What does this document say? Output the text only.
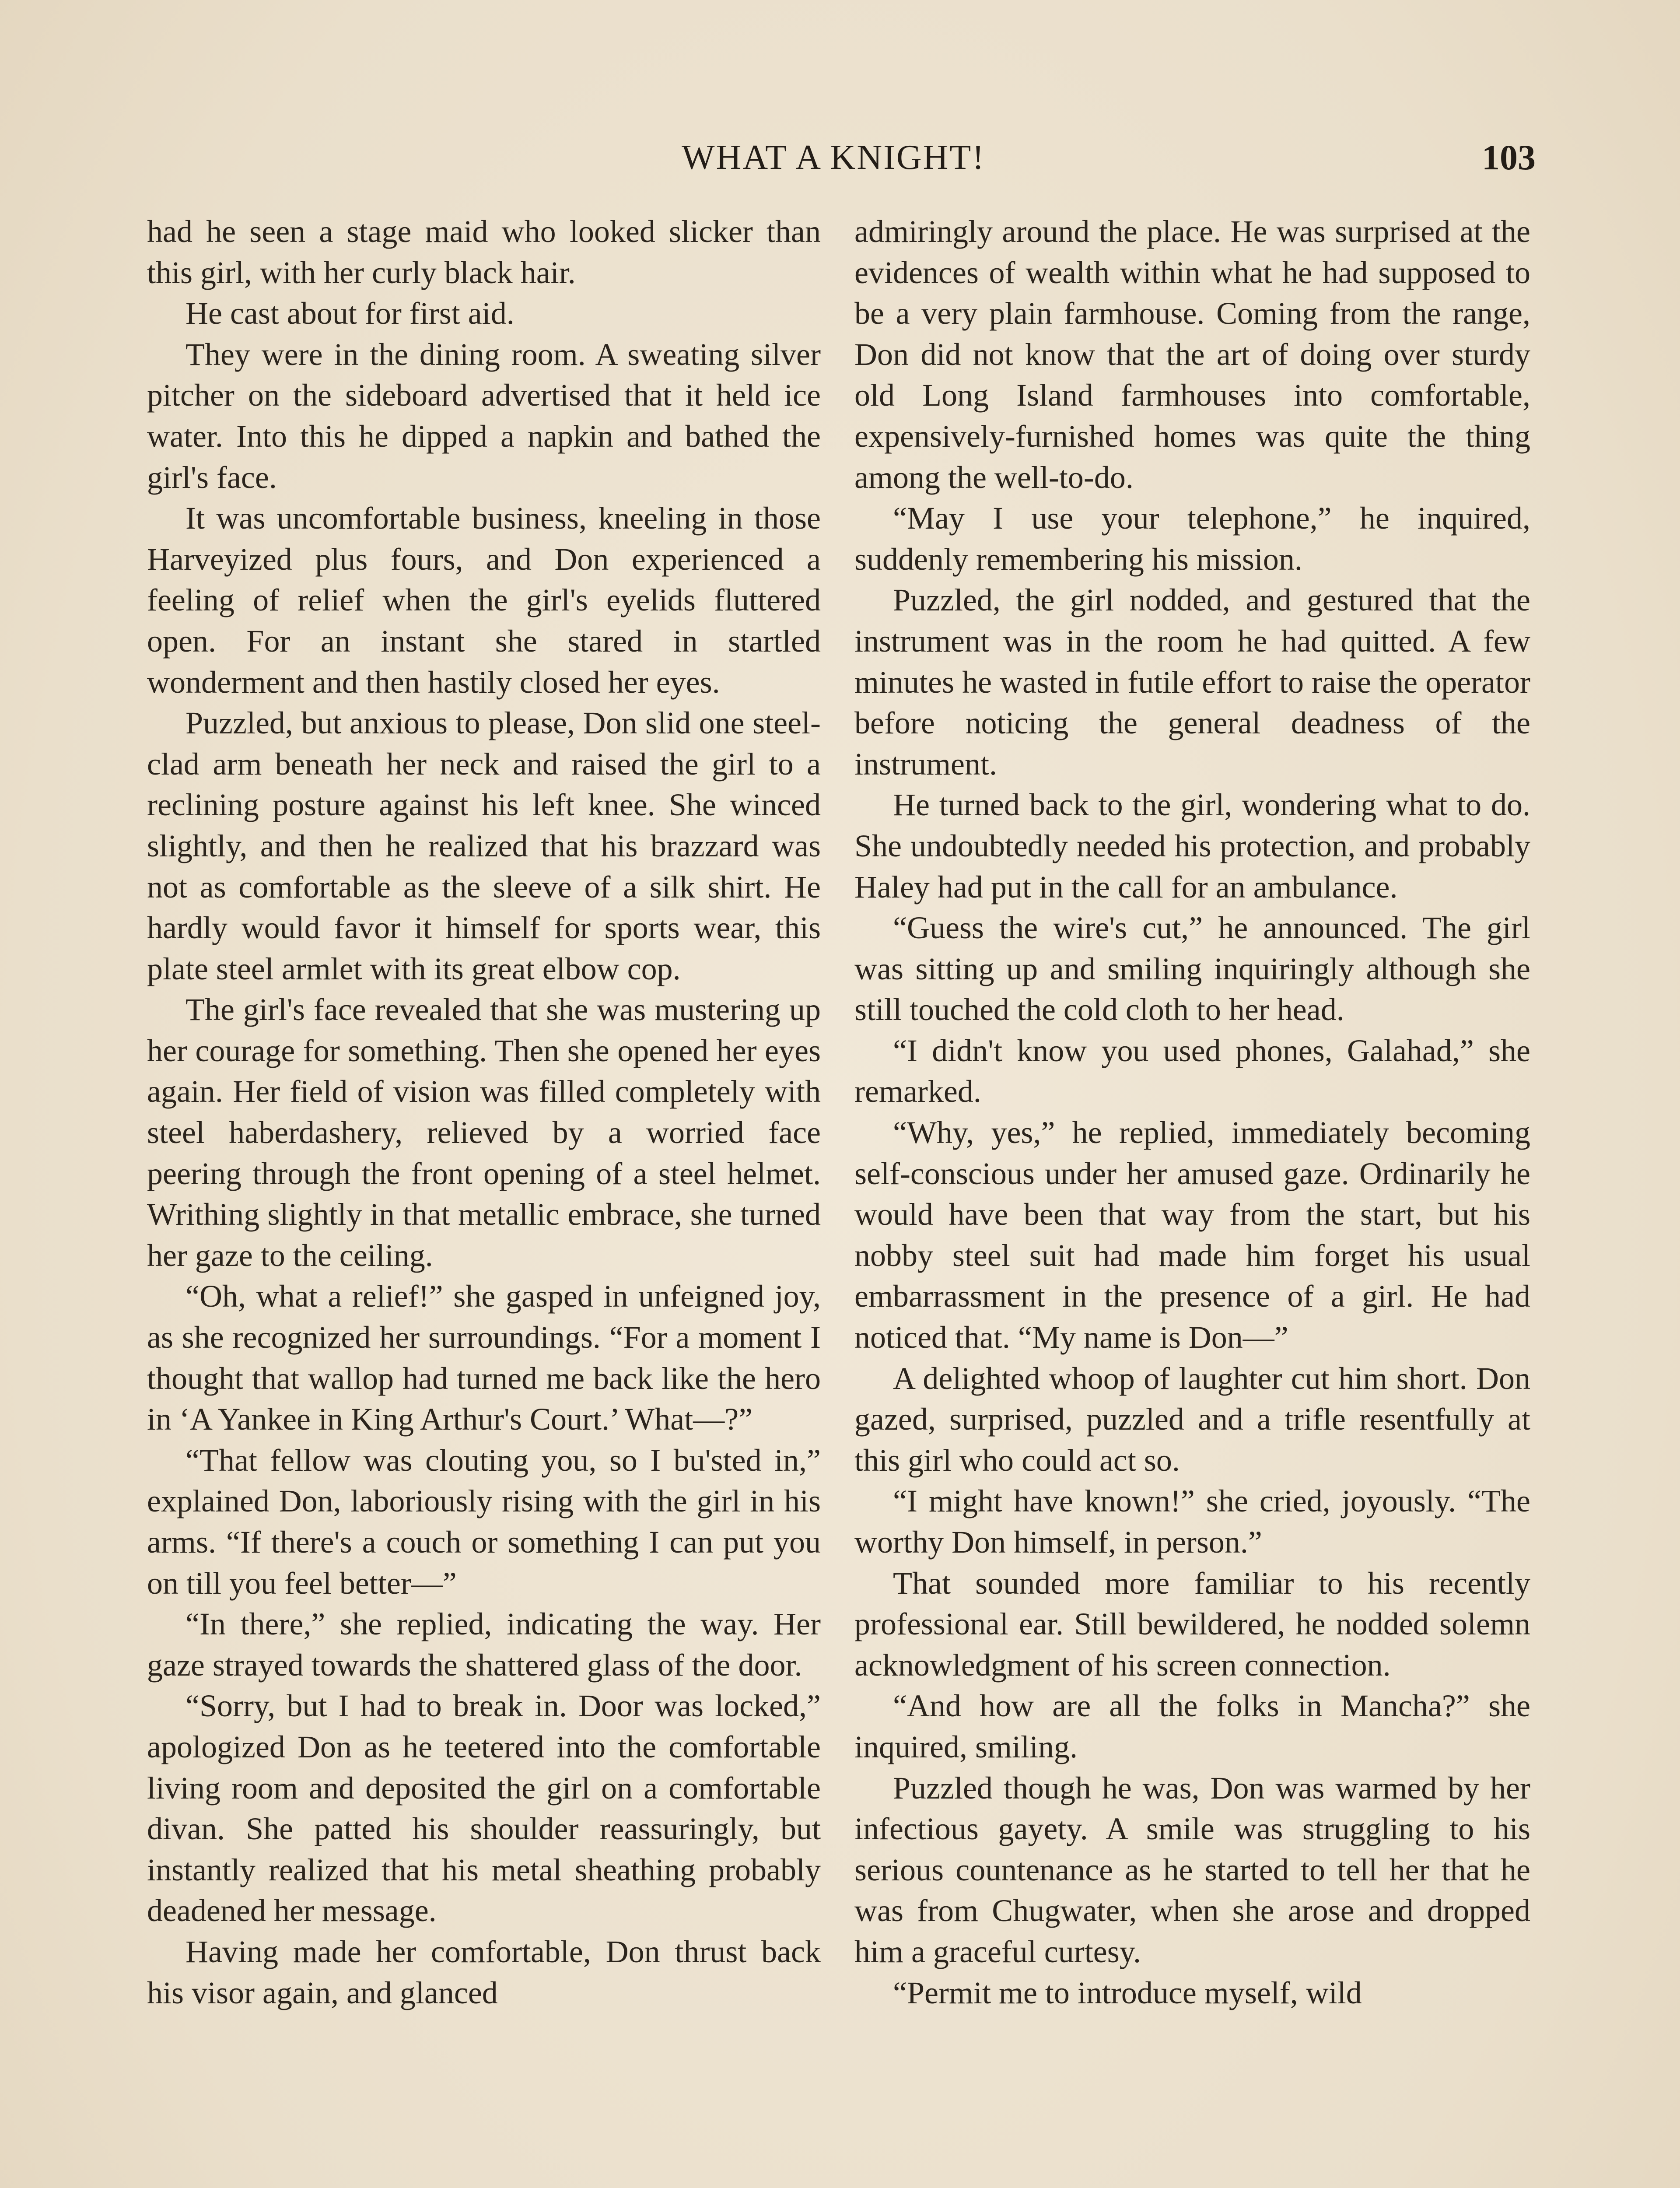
WHAT A KNIGHT!	103

had he seen a stage maid who looked slicker than this girl, with her curly black hair.

He cast about for first aid.

They were in the dining room. A sweating silver pitcher on the sideboard advertised that it held ice water. Into this he dipped a napkin and bathed the girl's face.

It was uncomfortable business, kneeling in those Harveyized plus fours, and Don experienced a feeling of relief when the girl's eyelids fluttered open. For an instant she stared in startled wonderment and then hastily closed her eyes.

Puzzled, but anxious to please, Don slid one steel-clad arm beneath her neck and raised the girl to a reclining posture against his left knee. She winced slightly, and then he realized that his brazzard was not as comfortable as the sleeve of a silk shirt. He hardly would favor it himself for sports wear, this plate steel armlet with its great elbow cop.

The girl's face revealed that she was mustering up her courage for something. Then she opened her eyes again. Her field of vision was filled completely with steel haberdashery, relieved by a worried face peering through the front opening of a steel helmet. Writhing slightly in that metallic embrace, she turned her gaze to the ceiling.

“Oh, what a relief!” she gasped in unfeigned joy, as she recognized her surroundings. “For a moment I thought that wallop had turned me back like the hero in ‘A Yankee in King Arthur's Court.’ What—?”

“That fellow was clouting you, so I bu'sted in,” explained Don, laboriously rising with the girl in his arms. “If there's a couch or something I can put you on till you feel better—”

“In there,” she replied, indicating the way. Her gaze strayed towards the shattered glass of the door.

“Sorry, but I had to break in. Door was locked,” apologized Don as he teetered into the comfortable living room and deposited the girl on a comfortable divan. She patted his shoulder reassuringly, but instantly realized that his metal sheathing probably deadened her message.

Having made her comfortable, Don thrust back his visor again, and glanced

admiringly around the place. He was surprised at the evidences of wealth within what he had supposed to be a very plain farmhouse. Coming from the range, Don did not know that the art of doing over sturdy old Long Island farmhouses into comfortable, expensively-furnished homes was quite the thing among the well-to-do.

“May I use your telephone,” he inquired, suddenly remembering his mission.

Puzzled, the girl nodded, and gestured that the instrument was in the room he had quitted. A few minutes he wasted in futile effort to raise the operator before noticing the general deadness of the instrument.

He turned back to the girl, wondering what to do. She undoubtedly needed his protection, and probably Haley had put in the call for an ambulance.

“Guess the wire's cut,” he announced. The girl was sitting up and smiling inquiringly although she still touched the cold cloth to her head.

“I didn't know you used phones, Galahad,” she remarked.

“Why, yes,” he replied, immediately becoming self-conscious under her amused gaze. Ordinarily he would have been that way from the start, but his nobby steel suit had made him forget his usual embarrassment in the presence of a girl. He had noticed that. “My name is Don—”

A delighted whoop of laughter cut him short. Don gazed, surprised, puzzled and a trifle resentfully at this girl who could act so.

“I might have known!” she cried, joyously. “The worthy Don himself, in person.”

That sounded more familiar to his recently professional ear. Still bewildered, he nodded solemn acknowledgment of his screen connection.

“And how are all the folks in Mancha?” she inquired, smiling.

Puzzled though he was, Don was warmed by her infectious gayety. A smile was struggling to his serious countenance as he started to tell her that he was from Chugwater, when she arose and dropped him a graceful curtesy.

“Permit me to introduce myself, wild
